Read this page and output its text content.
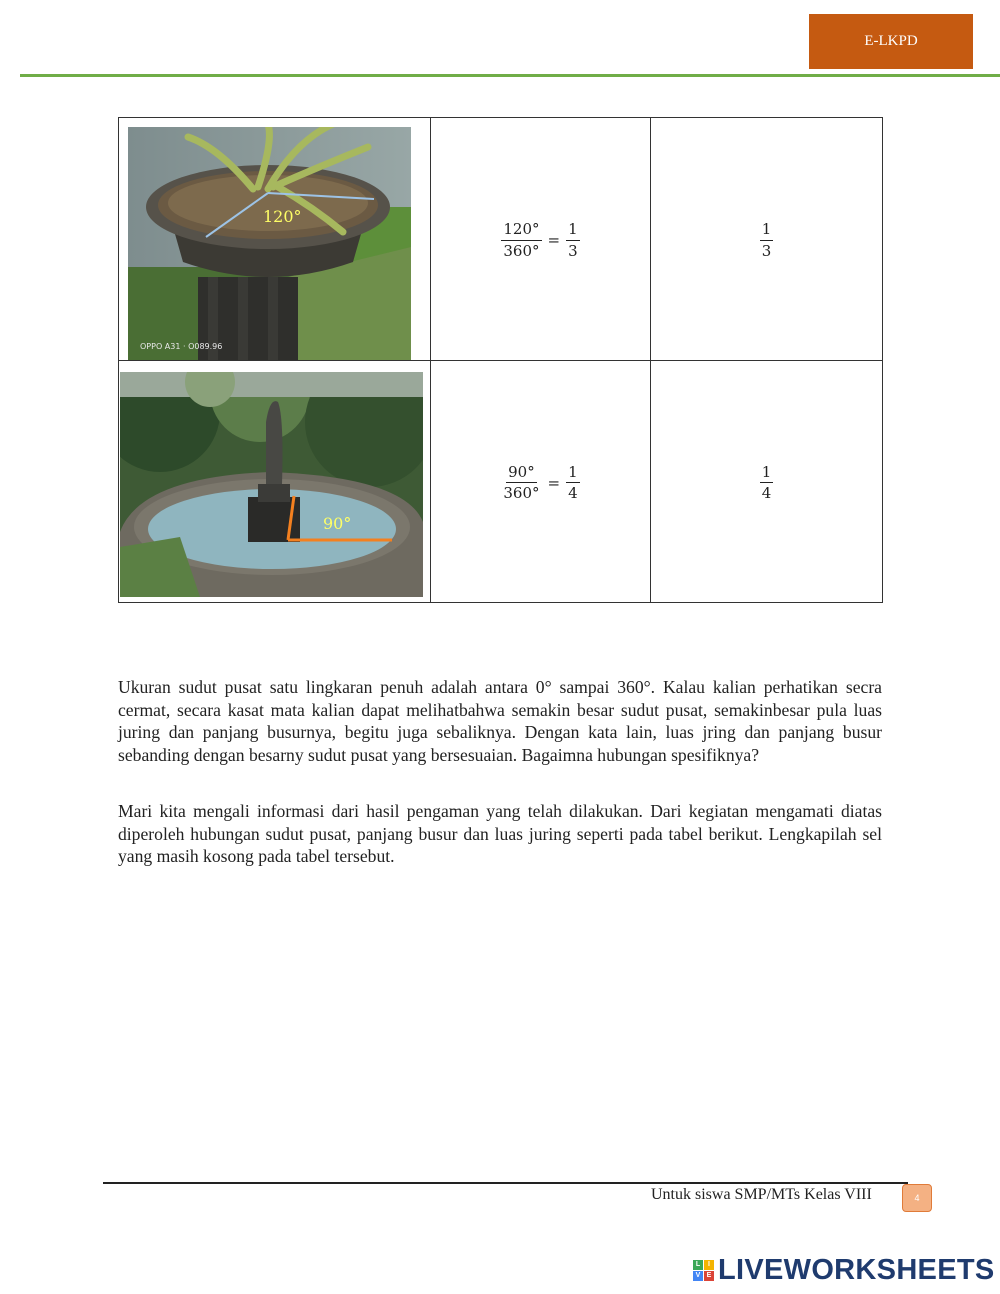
E-LKPD
120°
OPPO A31 · O089.96	$\frac{120^\circ}{360^\circ} = \frac{1}{3}$	$\frac{1}{3}$

90°	$\frac{90^\circ}{360^\circ} = \frac{1}{4}$	$\frac{1}{4}$

Ukuran sudut pusat satu lingkaran penuh adalah antara 0° sampai 360°. Kalau kalian perhatikan secra cermat, secara kasat mata kalian dapat melihatbahwa semakin besar sudut pusat, semakinbesar pula luas juring dan panjang busurnya, begitu juga sebaliknya. Dengan kata lain, luas jring dan panjang busur sebanding dengan besarny sudut pusat yang bersesuaian. Bagaimna hubungan spesifiknya?

Mari kita mengali informasi dari hasil pengaman yang telah dilakukan. Dari kegiatan mengamati diatas diperoleh hubungan sudut pusat, panjang busur dan luas juring seperti pada tabel berikut. Lengkapilah sel yang masih kosong pada tabel tersebut.

Untuk siswa SMP/MTs Kelas VIII	4
L	I
V E LIVEWORKSHEETS
